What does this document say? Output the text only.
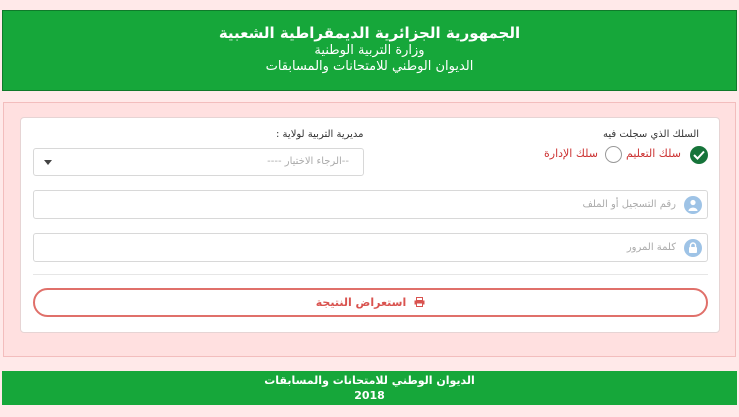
الجمهورية الجزائرية الديمقراطية الشعبية
وزارة التربية الوطنية
الديوان الوطني للامتحانات والمسابقات
السلك الذي سجلت فيه
مديرية التربية لولاية :
--الرجاء الاختيار ----
سلك التعليم
سلك الإدارة
رقم التسجيل أو الملف
كلمة المرور
استعراض النتيجة
الديوان الوطني للامتحانات والمسابقات
2018
